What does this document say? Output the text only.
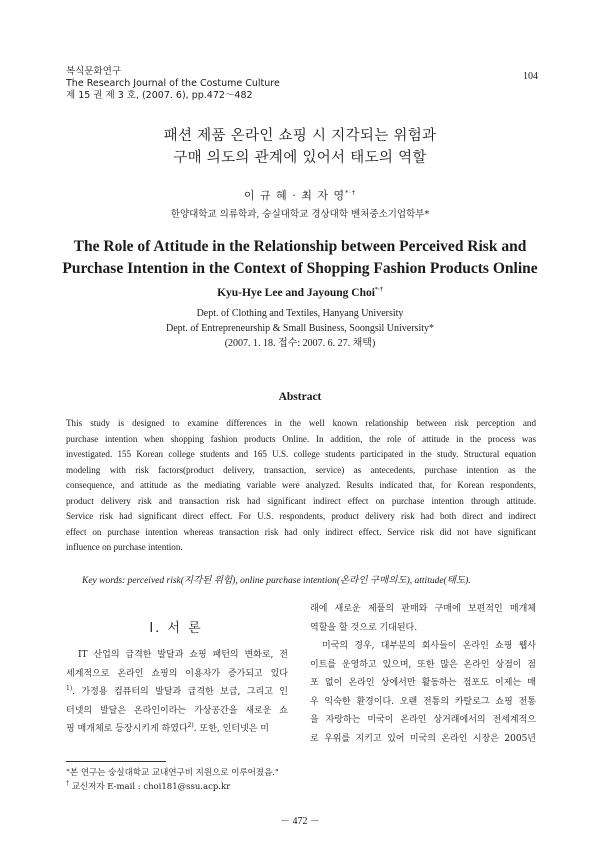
복식문화연구
The Research Journal of the Costume Culture
제 15 권 제 3 호, (2007. 6), pp.472～482
104
패션 제품 온라인 쇼핑 시 지각되는 위험과
구매 의도의 관계에 있어서 태도의 역할
이 규 혜 · 최 자 영*·†
한양대학교 의류학과, 숭실대학교 경상대학 벤처중소기업학부*
The Role of Attitude in the Relationship between Perceived Risk and
Purchase Intention in the Context of Shopping Fashion Products Online
Kyu-Hye Lee and Jayoung Choi*·†
Dept. of Clothing and Textiles, Hanyang University
Dept. of Entrepreneurship & Small Business, Soongsil University*
(2007. 1. 18. 접수: 2007. 6. 27. 채택)
Abstract
This study is designed to examine differences in the well known relationship between risk perception and
purchase intention when shopping fashion products Online. In addition, the role of attitude in the process was
investigated. 155 Korean college students and 165 U.S. college students participated in the study. Structural equation
modeling with risk factors(product delivery, transaction, service) as antecedents, purchase intention as the
consequence, and attitude as the mediating variable were analyzed. Results indicated that, for Korean respondents,
product delivery risk and transaction risk had significant indirect effect on purchase intention through attitude.
Service risk had significant direct effect. For U.S. respondents, product delivery risk had both direct and indirect
effect on purchase intention whereas transaction risk had only indirect effect. Service risk did not have significant
influence on purchase intention.
Key words: perceived risk(지각된 위험), online purchase intention(온라인 구매의도), attitude(태도).
Ⅰ. 서 론
IT 산업의 급격한 발달과 쇼핑 패턴의 변화로, 전
세계적으로 온라인 쇼핑의 이용자가 증가되고 있다
$^{1)}$. 가정용 컴퓨터의 발달과 급격한 보급, 그리고 인
터넷의 발달은 온라인이라는 가상공간을 새로운 쇼
핑 매개체로 등장시키게 하였다$^{2)}$. 또한, 인터넷은 미
래에 새로운 제품의 판매와 구매에 보편적인 매개체
역할을 할 것으로 기대된다.
미국의 경우, 대부분의 회사들이 온라인 쇼핑 웹사
이트를 운영하고 있으며, 또한 많은 온라인 상점이 점
포 없이 온라인 상에서만 활동하는 점포도 이제는 매
우 익숙한 환경이다. 오랜 전통의 카탈로그 쇼핑 전통
을 자랑하는 미국이 온라인 상거래에서의 전세계적으
로 우위를 지키고 있어 미국의 온라인 시장은 2005년
"본 연구는 숭실대학교 교내연구비 지원으로 이루어졌음."
† 교신저자 E-mail : choi181@ssu.acp.kr
－ 472 －
